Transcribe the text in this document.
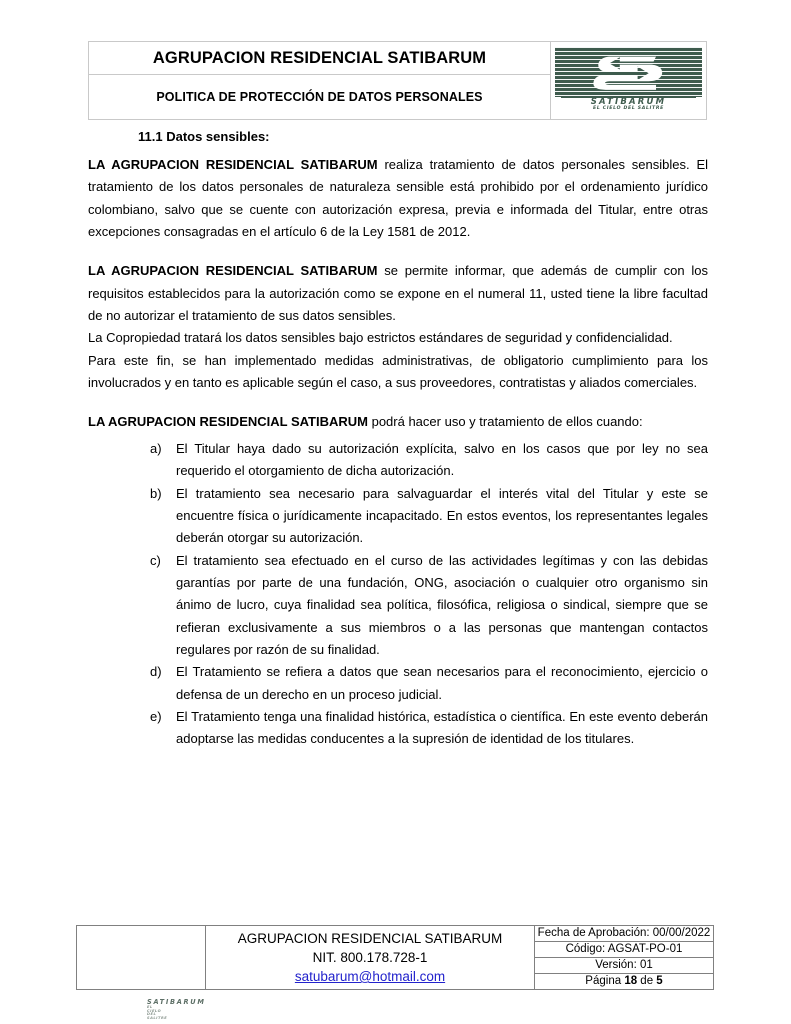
AGRUPACION RESIDENCIAL SATIBARUM	
SATIBARUM
EL CIELO DEL SALITRE

POLITICA DE PROTECCIÓN DE DATOS PERSONALES
11.1 Datos sensibles:

LA AGRUPACION RESIDENCIAL SATIBARUM realiza tratamiento de datos personales sensibles. El tratamiento de los datos personales de naturaleza sensible está prohibido por el ordenamiento jurídico colombiano, salvo que se cuente con autorización expresa, previa e informada del Titular, entre otras excepciones consagradas en el artículo 6 de la Ley 1581 de 2012.

LA AGRUPACION RESIDENCIAL SATIBARUM se permite informar, que además de cumplir con los requisitos establecidos para la autorización como se expone en el numeral 11, usted tiene la libre facultad de no autorizar el tratamiento de sus datos sensibles.

La Copropiedad tratará los datos sensibles bajo estrictos estándares de seguridad y confidencialidad.

Para este fin, se han implementado medidas administrativas, de obligatorio cumplimiento para los involucrados y en tanto es aplicable según el caso, a sus proveedores, contratistas y aliados comerciales.

LA AGRUPACION RESIDENCIAL SATIBARUM podrá hacer uso y tratamiento de ellos cuando:

a)	El Titular haya dado su autorización explícita, salvo en los casos que por ley no sea requerido el otorgamiento de dicha autorización.
b)	El tratamiento sea necesario para salvaguardar el interés vital del Titular y este se encuentre física o jurídicamente incapacitado. En estos eventos, los representantes legales deberán otorgar su autorización.
c)	El tratamiento sea efectuado en el curso de las actividades legítimas y con las debidas garantías por parte de una fundación, ONG, asociación o cualquier otro organismo sin ánimo de lucro, cuya finalidad sea política, filosófica, religiosa o sindical, siempre que se refieran exclusivamente a sus miembros o a las personas que mantengan contactos regulares por razón de su finalidad.
d)	El Tratamiento se refiera a datos que sean necesarios para el reconocimiento, ejercicio o defensa de un derecho en un proceso judicial.
e)	El Tratamiento tenga una finalidad histórica, estadística o científica. En este evento deberán adoptarse las medidas conducentes a la supresión de identidad de los titulares.
SATIBARUM
EL CIELO DEL SALITRE

AGRUPACION RESIDENCIAL SATIBARUM
NIT. 800.178.728-1
satubarum@hotmail.com

Fecha de Aprobación: 00/00/2022
Código: AGSAT-PO-01
Versión: 01
Página 18 de 5
